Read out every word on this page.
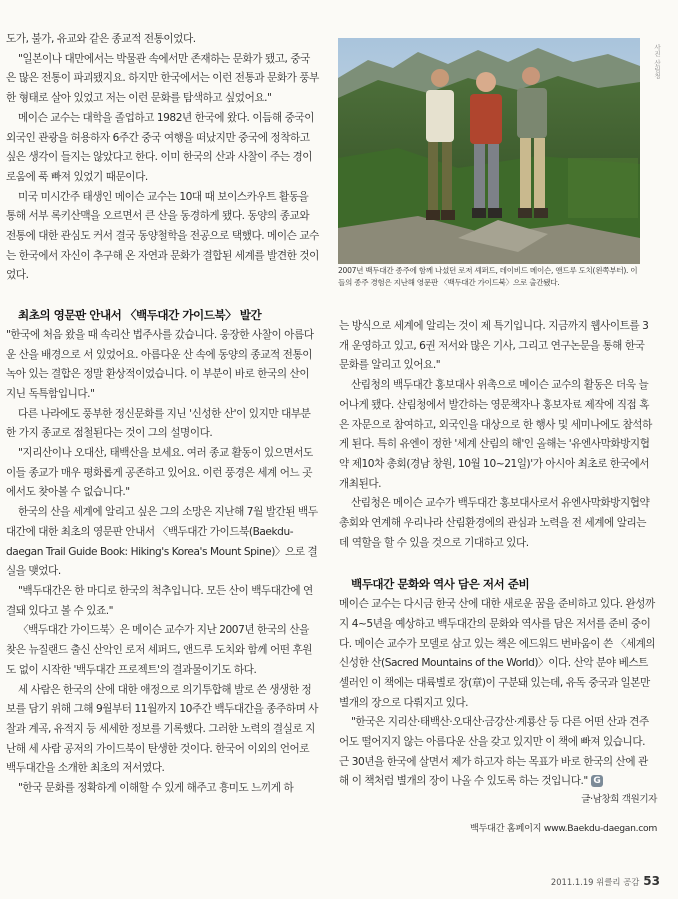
도가, 불가, 유교와 같은 종교적 전통이었다.

"일본이나 대만에서는 박물관 속에서만 존재하는 문화가 됐고, 중국은 많은 전통이 파괴됐지요. 하지만 한국에서는 이런 전통과 문화가 풍부한 형태로 살아 있었고 저는 이런 문화를 탐색하고 싶었어요."

메이슨 교수는 대학을 졸업하고 1982년 한국에 왔다. 이듬해 중국이 외국인 관광을 허용하자 6주간 중국 여행을 떠났지만 중국에 정착하고 싶은 생각이 들지는 않았다고 한다. 이미 한국의 산과 사찰이 주는 경이로움에 푹 빠져 있었기 때문이다.

미국 미시간주 태생인 메이슨 교수는 10대 때 보이스카우트 활동을 통해 서부 록키산맥을 오르면서 큰 산을 동경하게 됐다. 동양의 종교와 전통에 대한 관심도 커서 결국 동양철학을 전공으로 택했다. 메이슨 교수는 한국에서 자신이 추구해 온 자연과 문화가 결합된 세계를 발견한 것이었다.

최초의 영문판 안내서 〈백두대간 가이드북〉 발간

"한국에 처음 왔을 때 속리산 법주사를 갔습니다. 웅장한 사찰이 아름다운 산을 배경으로 서 있었어요. 아름다운 산 속에 동양의 종교적 전통이 녹아 있는 결합은 정말 환상적이었습니다. 이 부분이 바로 한국의 산이 지닌 독특함입니다."

다른 나라에도 풍부한 정신문화를 지닌 '신성한 산'이 있지만 대부분 한 가지 종교로 점철된다는 것이 그의 설명이다.

"지리산이나 오대산, 태백산을 보세요. 여러 종교 활동이 있으면서도 이들 종교가 매우 평화롭게 공존하고 있어요. 이런 풍경은 세계 어느 곳에서도 찾아볼 수 없습니다."

한국의 산을 세계에 알리고 싶은 그의 소망은 지난해 7월 발간된 백두대간에 대한 최초의 영문판 안내서 〈백두대간 가이드북(Baekdu-daegan Trail Guide Book: Hiking's Korea's Mount Spine)〉으로 결실을 맺었다.

"백두대간은 한 마디로 한국의 척추입니다. 모든 산이 백두대간에 연결돼 있다고 볼 수 있죠."

〈백두대간 가이드북〉은 메이슨 교수가 지난 2007년 한국의 산을 찾은 뉴질랜드 출신 산악인 로저 셰퍼드, 앤드루 도치와 함께 어떤 후원도 없이 시작한 '백두대간 프로젝트'의 결과물이기도 하다.

세 사람은 한국의 산에 대한 애정으로 의기투합해 발로 쓴 생생한 정보를 담기 위해 그해 9월부터 11월까지 10주간 백두대간을 종주하며 사찰과 계곡, 유적지 등 세세한 정보를 기록했다. 그러한 노력의 결실로 지난해 세 사람 공저의 가이드북이 탄생한 것이다. 한국어 이외의 언어로 백두대간을 소개한 최초의 저서였다.

"한국 문화를 정확하게 이해할 수 있게 해주고 흥미도 느끼게 하

사진 산림청
2007년 백두대간 종주에 함께 나섰던 로저 셰퍼드, 데이비드 메이슨, 앤드루 도치(왼쪽부터). 이들의 종주 경험은 지난해 영문판 〈백두대간 가이드북〉으로 출간됐다.

는 방식으로 세계에 알리는 것이 제 특기입니다. 지금까지 웹사이트를 3개 운영하고 있고, 6권 저서와 많은 기사, 그리고 연구논문을 통해 한국 문화를 알리고 있어요."

산림청의 백두대간 홍보대사 위촉으로 메이슨 교수의 활동은 더욱 늘어나게 됐다. 산림청에서 발간하는 영문책자나 홍보자료 제작에 직접 혹은 자문으로 참여하고, 외국인을 대상으로 한 행사 및 세미나에도 참석하게 된다. 특히 유엔이 정한 '세계 산림의 해'인 올해는 '유엔사막화방지협약 제10차 총회(경남 창원, 10월 10~21일)'가 아시아 최초로 한국에서 개최된다.

산림청은 메이슨 교수가 백두대간 홍보대사로서 유엔사막화방지협약 총회와 연계해 우리나라 산림환경에의 관심과 노력을 전 세계에 알리는 데 역할을 할 수 있을 것으로 기대하고 있다.

백두대간 문화와 역사 담은 저서 준비

메이슨 교수는 다시금 한국 산에 대한 새로운 꿈을 준비하고 있다. 완성까지 4~5년을 예상하고 백두대간의 문화와 역사를 담은 저서를 준비 중이다. 메이슨 교수가 모델로 삼고 있는 책은 에드워드 번바움이 쓴 〈세계의 신성한 산(Sacred Mountains of the World)〉이다. 산악 분야 베스트셀러인 이 책에는 대륙별로 장(章)이 구분돼 있는데, 유독 중국과 일본만 별개의 장으로 다뤄지고 있다.

"한국은 지리산·태백산·오대산·금강산·계룡산 등 다른 어떤 산과 견주어도 떨어지지 않는 아름다운 산을 갖고 있지만 이 책에 빠져 있습니다. 근 30년을 한국에 살면서 제가 하고자 하는 목표가 바로 한국의 산에 관해 이 책처럼 별개의 장이 나올 수 있도록 하는 것입니다." G

글·남창희 객원기자
백두대간 홈페이지 www.Baekdu-daegan.com
2011.1.19 위클리 공감 53
